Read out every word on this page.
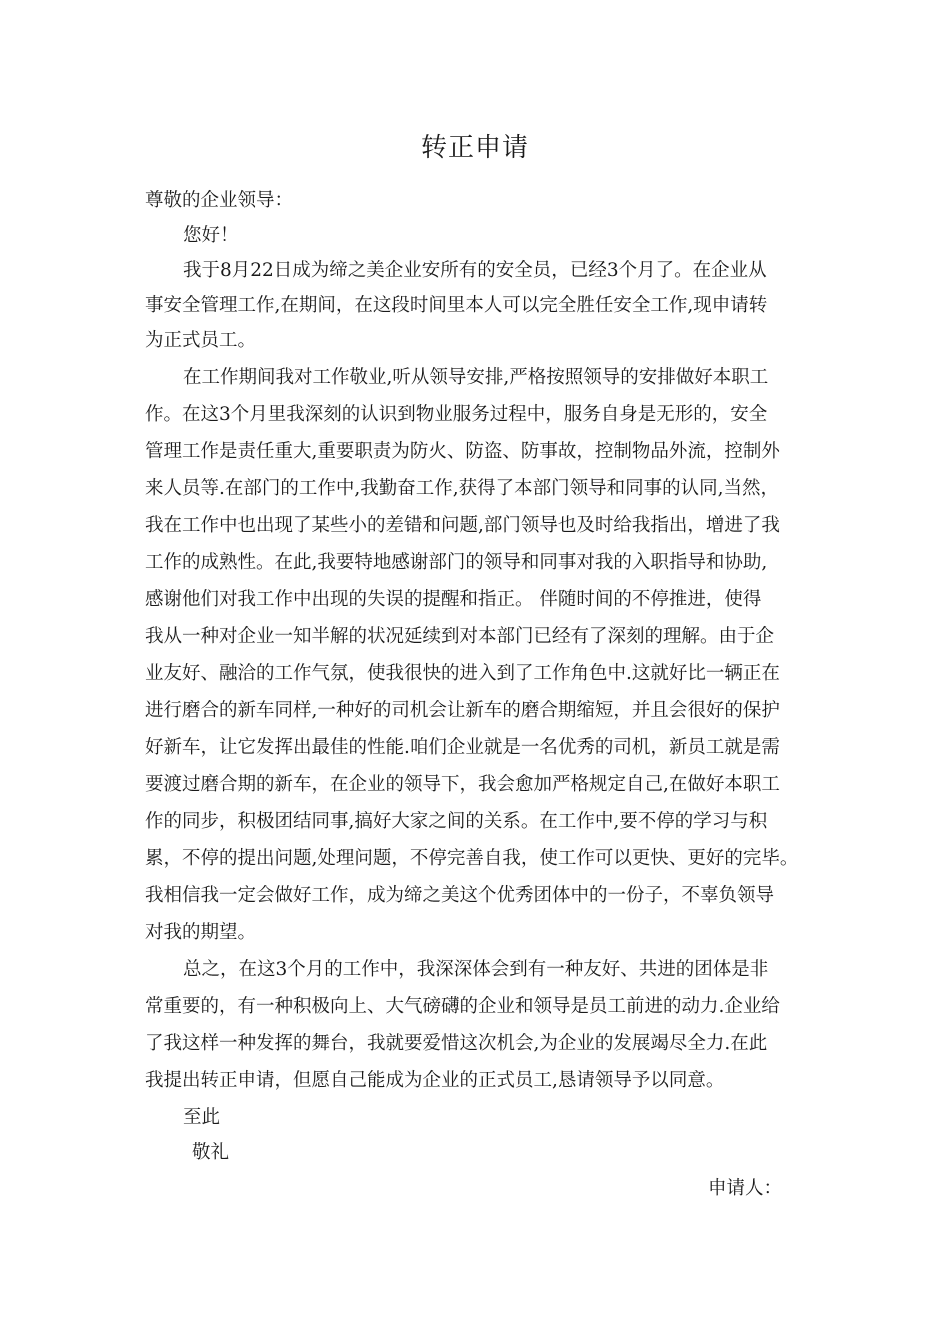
转正申请
尊敬的企业领导：
您好！
我于8月22日成为缔之美企业安所有的安全员，已经3个月了。在企业从
事安全管理工作,在期间，在这段时间里本人可以完全胜任安全工作,现申请转
为正式员工。
在工作期间我对工作敬业,听从领导安排,严格按照领导的安排做好本职工
作。在这3个月里我深刻的认识到物业服务过程中，服务自身是无形的，安全
管理工作是责任重大,重要职责为防火、防盗、防事故，控制物品外流，控制外
来人员等.在部门的工作中,我勤奋工作,获得了本部门领导和同事的认同,当然，
我在工作中也出现了某些小的差错和问题,部门领导也及时给我指出，增进了我
工作的成熟性。在此,我要特地感谢部门的领导和同事对我的入职指导和协助,
感谢他们对我工作中出现的失误的提醒和指正。 伴随时间的不停推进，使得
我从一种对企业一知半解的状况延续到对本部门已经有了深刻的理解。由于企
业友好、融洽的工作气氛，使我很快的进入到了工作角色中.这就好比一辆正在
进行磨合的新车同样,一种好的司机会让新车的磨合期缩短，并且会很好的保护
好新车，让它发挥出最佳的性能.咱们企业就是一名优秀的司机，新员工就是需
要渡过磨合期的新车，在企业的领导下，我会愈加严格规定自己,在做好本职工
作的同步，积极团结同事,搞好大家之间的关系。在工作中,要不停的学习与积
累，不停的提出问题,处理问题，不停完善自我，使工作可以更快、更好的完毕。
我相信我一定会做好工作，成为缔之美这个优秀团体中的一份子，不辜负领导
对我的期望。
总之，在这3个月的工作中，我深深体会到有一种友好、共进的团体是非
常重要的，有一种积极向上、大气磅礴的企业和领导是员工前进的动力.企业给
了我这样一种发挥的舞台，我就要爱惜这次机会,为企业的发展竭尽全力.在此
我提出转正申请，但愿自己能成为企业的正式员工,恳请领导予以同意。
至此
敬礼
申请人：
